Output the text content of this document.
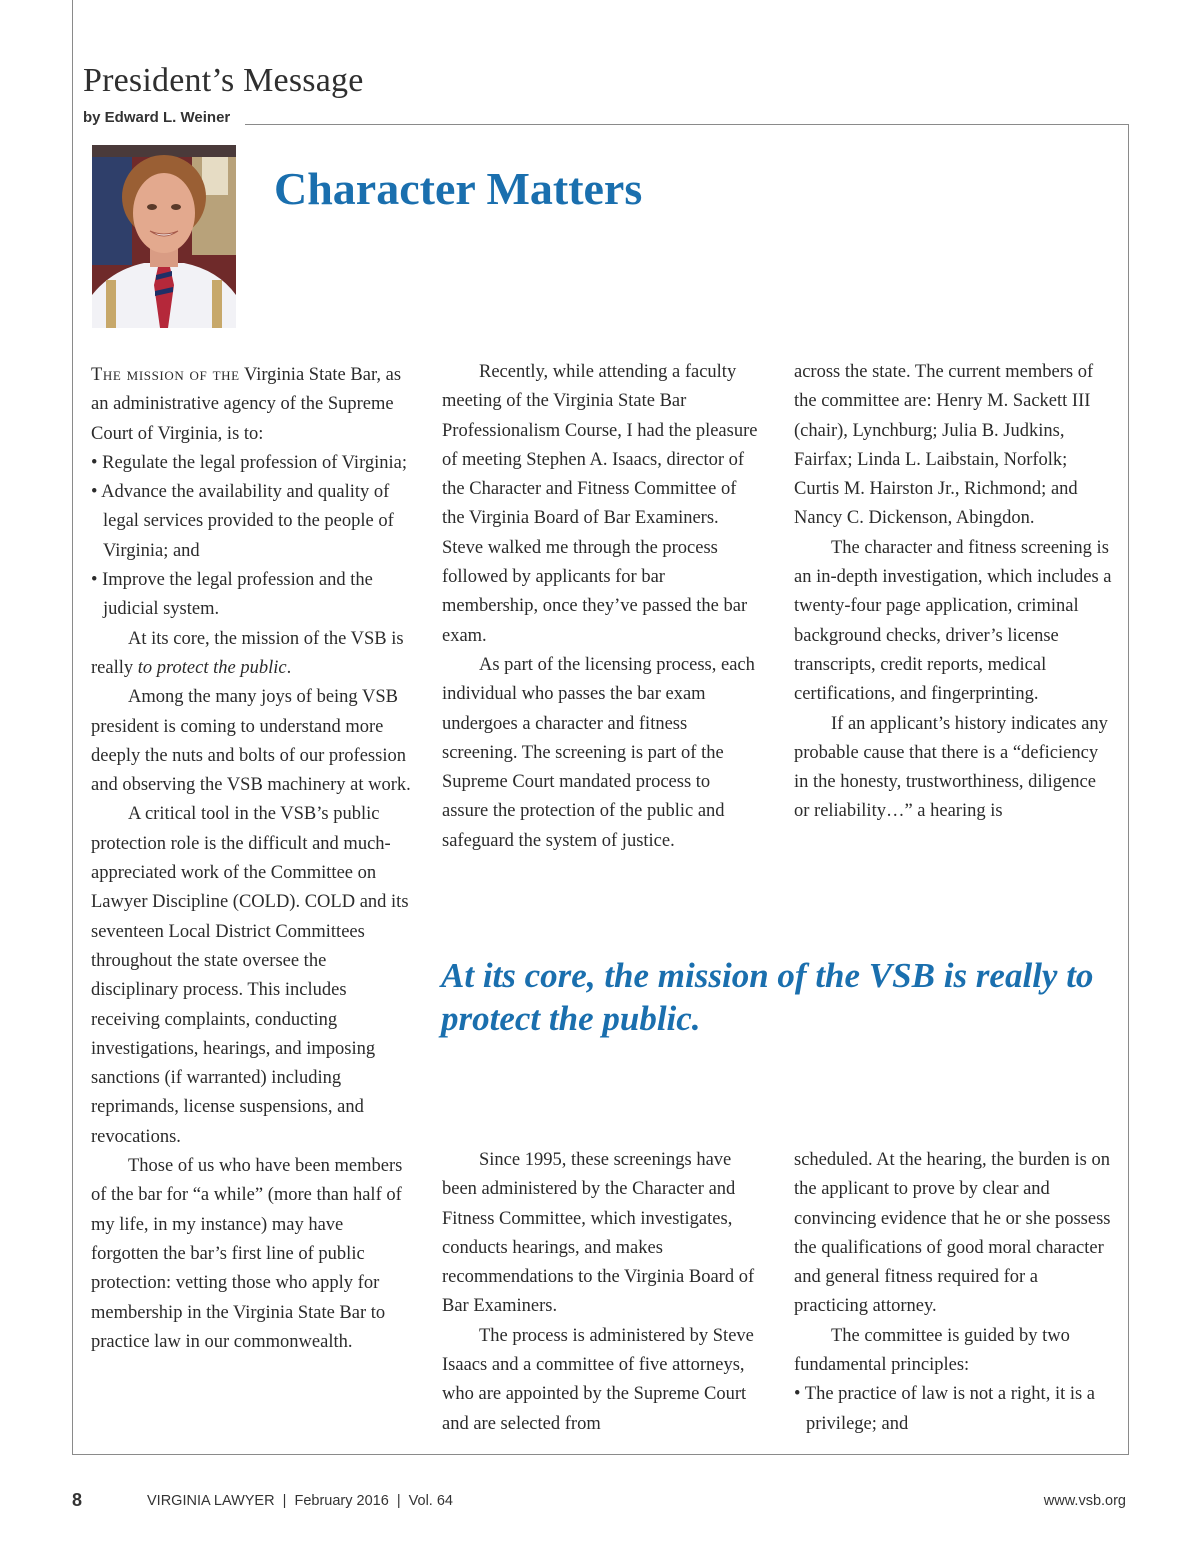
President’s Message
by Edward L. Weiner
Character Matters

The mission of the Virginia State Bar, as an administrative agency of the Supreme Court of Virginia, is to:

• Regulate the legal profession of Virginia;

• Advance the availability and quality of legal services provided to the people of Virginia; and

• Improve the legal profession and the judicial system.

At its core, the mission of the VSB is really to protect the public.

Among the many joys of being VSB president is coming to understand more deeply the nuts and bolts of our profession and observing the VSB machinery at work.

A critical tool in the VSB’s public protection role is the difficult and much-appreciated work of the Committee on Lawyer Discipline (COLD). COLD and its seventeen Local District Committees throughout the state oversee the disciplinary process. This includes receiving complaints, conducting investigations, hearings, and imposing sanctions (if warranted) including reprimands, license suspensions, and revocations.

Those of us who have been members of the bar for “a while” (more than half of my life, in my instance) may have forgotten the bar’s first line of public protection: vetting those who apply for membership in the Virginia State Bar to practice law in our commonwealth.

Recently, while attending a faculty meeting of the Virginia State Bar Professionalism Course, I had the pleasure of meeting Stephen A. Isaacs, director of the Character and Fitness Committee of the Virginia Board of Bar Examiners. Steve walked me through the process followed by applicants for bar membership, once they’ve passed the bar exam.

As part of the licensing process, each individual who passes the bar exam undergoes a character and fitness screening. The screening is part of the Supreme Court mandated process to assure the protection of the public and safeguard the system of justice.

across the state. The current members of the committee are: Henry M. Sackett III (chair), Lynchburg; Julia B. Judkins, Fairfax; Linda L. Laibstain, Norfolk; Curtis M. Hairston Jr., Richmond; and Nancy C. Dickenson, Abingdon.

The character and fitness screening is an in-depth investigation, which includes a twenty-four page application, criminal background checks, driver’s license transcripts, credit reports, medical certifications, and fingerprinting.

If an applicant’s history indicates any probable cause that there is a “deficiency in the honesty, trustworthiness, diligence or reliability…” a hearing is

At its core, the mission of the VSB is really to protect the public.

Since 1995, these screenings have been administered by the Character and Fitness Committee, which investigates, conducts hearings, and makes recommendations to the Virginia Board of Bar Examiners.

The process is administered by Steve Isaacs and a committee of five attorneys, who are appointed by the Supreme Court and are selected from

scheduled. At the hearing, the burden is on the applicant to prove by clear and convincing evidence that he or she possess the qualifications of good moral character and general fitness required for a practicing attorney.

The committee is guided by two fundamental principles:

• The practice of law is not a right, it is a privilege; and

8	VIRGINIA LAWYER  |  February 2016  |  Vol. 64	www.vsb.org
